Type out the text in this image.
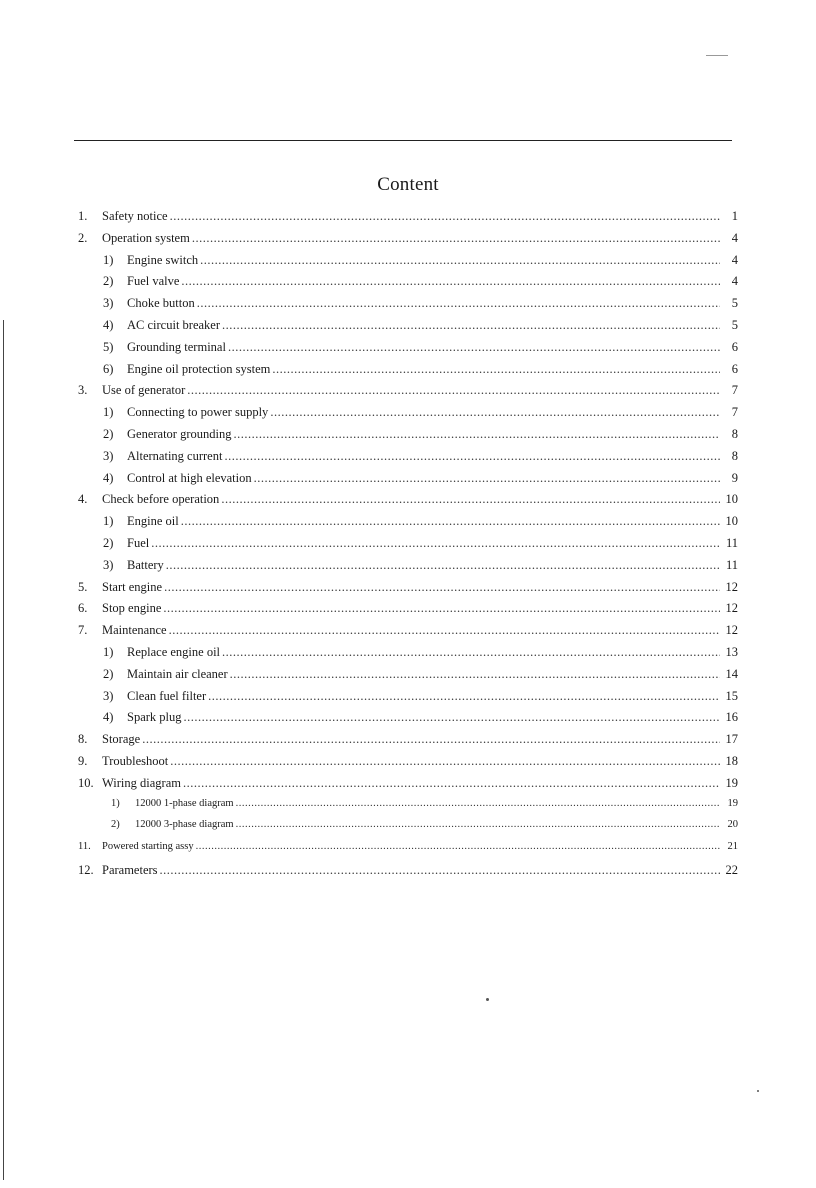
Content
1.	Safety notice .....	1
2.	Operation system .....	4
1)	Engine switch .....	4
2)	Fuel valve .....	4
3)	Choke button .....	5
4)	AC circuit breaker .....	5
5)	Grounding terminal .....	6
6)	Engine oil protection system .....	6
3.	Use of generator .....	7
1)	Connecting to power supply .....	7
2)	Generator grounding .....	8
3)	Alternating current .....	8
4)	Control at high elevation .....	9
4.	Check before operation .....	10
1)	Engine oil .....	10
2)	Fuel .....	11
3)	Battery .....	11
5.	Start engine .....	12
6.	Stop engine .....	12
7.	Maintenance .....	12
1)	Replace engine oil .....	13
2)	Maintain air cleaner .....	14
3)	Clean fuel filter .....	15
4)	Spark plug .....	16
8.	Storage .....	17
9.	Troubleshoot .....	18
10. Wiring diagram .....	19
1)	12000 1-phase diagram .....	19
2)	12000 3-phase diagram .....	20
11.	Powered starting assy .....	21
12. Parameters .....	22
